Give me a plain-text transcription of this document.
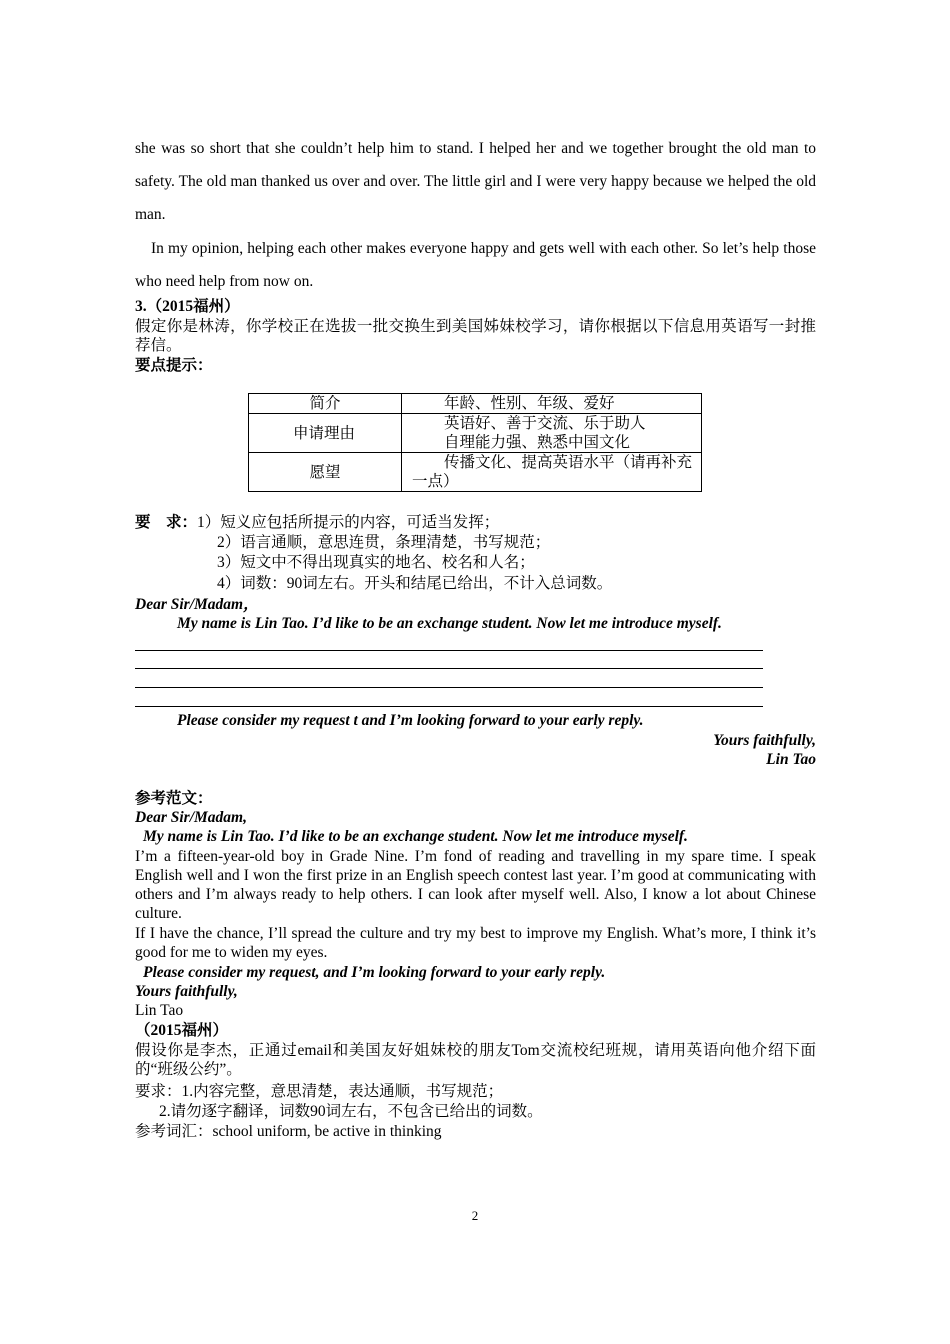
she was so short that she couldn’t help him to stand. I helped her and we together brought the old man to safety. The old man thanked us over and over. The little girl and I were very happy because we helped the old man.
In my opinion, helping each other makes everyone happy and gets well with each other. So let’s help those who need help from now on.
3.（2015福州）
假定你是林涛，你学校正在选拔一批交换生到美国姊妹校学习，请你根据以下信息用英语写一封推荐信。
要点提示：
简介	年龄、性别、年级、爱好

申请理由	英语好、善于交流、乐于助人
自理能力强、熟悉中国文化
愿望	传播文化、提高英语水平（请再补充一点）
要　求：1）短义应包括所提示的内容，可适当发挥；
2）语言通顺，意思连贯，条理清楚，书写规范；
3）短文中不得出现真实的地名、校名和人名；
4）词数：90词左右。开头和结尾已给出，不计入总词数。
Dear Sir/Madam，
My name is Lin Tao. I’d like to be an exchange student. Now let me introduce myself.
Please consider my request t and I’m looking forward to your early reply.
Yours faithfully,
Lin Tao
参考范文：
Dear Sir/Madam,
My name is Lin Tao. I’d like to be an exchange student. Now let me introduce myself.
I’m a fifteen-year-old boy in Grade Nine. I’m fond of reading and travelling in my spare time. I speak English well and I won the first prize in an English speech contest last year. I’m good at communicating with others and I’m always ready to help others. I can look after myself well. Also, I know a lot about Chinese culture.
If I have the chance, I’ll spread the culture and try my best to improve my English. What’s more, I think it’s good for me to widen my eyes.
Please consider my request, and I’m looking forward to your early reply.
Yours faithfully,
Lin Tao
（2015福州）
假设你是李杰，正通过email和美国友好姐妹校的朋友Tom交流校纪班规，请用英语向他介绍下面的“班级公约”。
要求：1.内容完整，意思清楚，表达通顺，书写规范；
2.请勿逐字翻译，词数90词左右，不包含已给出的词数。
参考词汇：school uniform, be active in thinking
2
